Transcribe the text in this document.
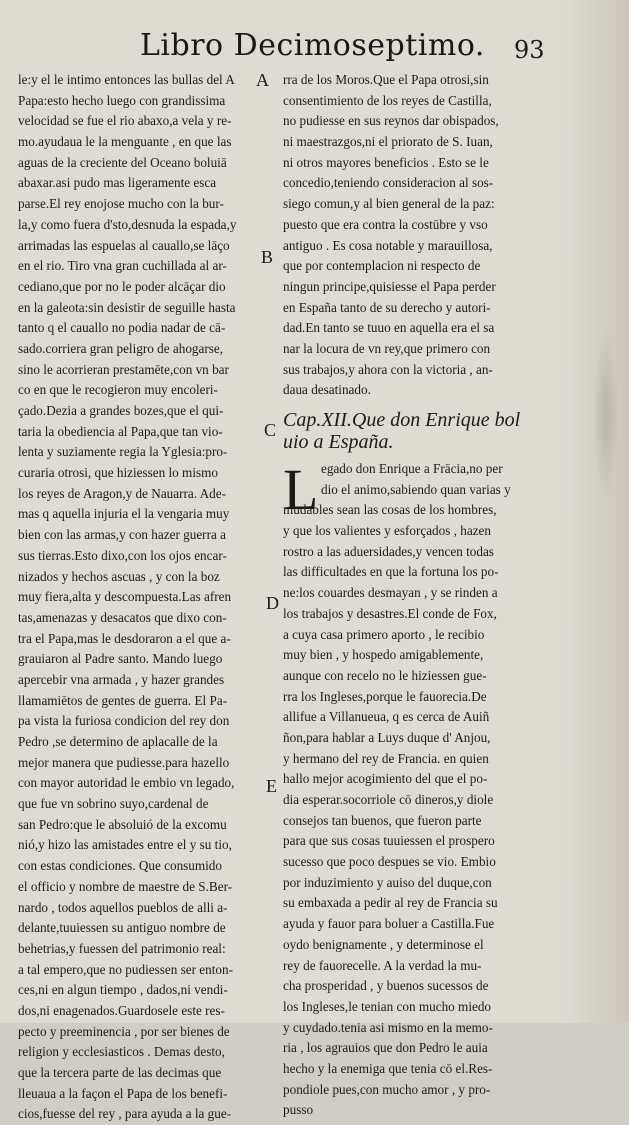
Libro Decimoseptimo. 93
le:y el le intimo entonces las bullas del A
Papa:esto hecho luego con grandissima
velocidad se fue el rio abaxo,a vela y re-
mo.ayudaua le la menguante , en que las
aguas de la creciente del Oceano boluiā
abaxar.asi pudo mas ligeramente esca
parse.El rey enojose mucho con la bur-
la,y como fuera d'sto,desnuda la espada,y
arrimadas las espuelas al cauallo,se lāço
en el rio. Tiro vna gran cuchillada al ar-
cediano,que por no le poder alcāçar dio
en la galeota:sin desistir de seguille hasta
tanto q el cauallo no podia nadar de cā-
sado.corriera gran peligro de ahogarse,
sino le acorrieran prestamēte,con vn bar
co en que le recogieron muy encoleri-
çado.Dezia a grandes bozes,que el qui-
taria la obediencia al Papa,que tan vio-
lenta y suziamente regia la Yglesia:pro-
curaria otrosi, que hiziessen lo mismo
los reyes de Aragon,y de Nauarra. Ade-
mas q aquella injuria el la vengaria muy
bien con las armas,y con hazer guerra a
sus tierras.Esto dixo,con los ojos encar-
nizados y hechos ascuas , y con la boz
muy fiera,alta y descompuesta.Las afren
tas,amenazas y desacatos que dixo con-
tra el Papa,mas le desdoraron a el que a-
grauiaron al Padre santo. Mando luego
apercebir vna armada , y hazer grandes
llamamiētos de gentes de guerra. El Pa-
pa vista la furiosa condicion del rey don
Pedro ,se determino de aplacalle de la
mejor manera que pudiesse.para hazello
con mayor autoridad le embio vn legado,
que fue vn sobrino suyo,cardenal de
san Pedro:que le absoluió de la excomu
nió,y hizo las amistades entre el y su tio,
con estas condiciones. Que consumido
el officio y nombre de maestre de S.Ber-
nardo , todos aquellos pueblos de alli a-
delante,tuuiessen su antiguo nombre de
behetrias,y fuessen del patrimonio real:
a tal empero,que no pudiessen ser enton-
ces,ni en algun tiempo , dados,ni vendi-
dos,ni enagenados.Guardosele este res-
pecto y preeminencia , por ser bienes de
religion y ecclesiasticos . Demas desto,
que la tercera parte de las decimas que
lleuaua a la façon el Papa de los benefi-
cios,fuesse del rey , para ayuda a la gue-
A
B
C
D
E
rra de los Moros.Que el Papa otrosi,sin
consentimiento de los reyes de Castilla,
no pudiesse en sus reynos dar obispados,
ni maestrazgos,ni el priorato de S. Iuan,
ni otros mayores beneficios . Esto se le
concedio,teniendo consideracion al sos-
siego comun,y al bien general de la paz:
puesto que era contra la costūbre y vso
antiguo . Es cosa notable y marauillosa,
que por contemplacion ni respecto de
ningun principe,quisiesse el Papa perder
en España tanto de su derecho y autori-
dad.En tanto se tuuo en aquella era el sa
nar la locura de vn rey,que primero con
sus trabajos,y ahora con la victoria , an-
daua desatinado.
Cap.XII.Que don Enrique bol
uio a España.
L egado don Enrique a Frācia,no per
dio el animo,sabiendo quan varias y
mudables sean las cosas de los hombres,
y que los valientes y esforçados , hazen
rostro a las aduersidades,y vencen todas
las difficultades en que la fortuna los po-
ne:los couardes desmayan , y se rinden a
los trabajos y desastres.El conde de Fox,
a cuya casa primero aporto , le recibio
muy bien , y hospedo amigablemente,
aunque con recelo no le hiziessen gue-
rra los Ingleses,porque le fauorecia.De
allifue a Villanueua, q es cerca de Auiñ
ñon,para hablar a Luys duque d' Anjou,
y hermano del rey de Francia. en quien
hallo mejor acogimiento del que el po-
dia esperar.socorriole cō dineros,y diole
consejos tan buenos, que fueron parte
para que sus cosas tuuiessen el prospero
sucesso que poco despues se vio. Embio
por induzimiento y auiso del duque,con
su embaxada a pedir al rey de Francia su
ayuda y fauor para boluer a Castilla.Fue
oydo benignamente , y determinose el
rey de fauorecelle. A la verdad la mu-
cha prosperidad , y buenos sucessos de
los Ingleses,le tenian con mucho miedo
y cuydado.tenia asi mismo en la memo-
ria , los agrauios que don Pedro le auia
hecho y la enemiga que tenia cō el.Res-
pondiole pues,con mucho amor , y pro-
pusso
